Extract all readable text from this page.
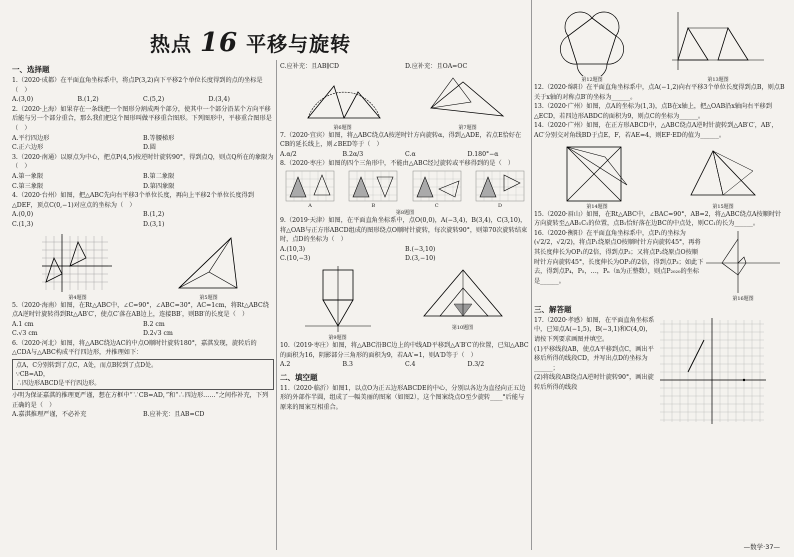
热点 16 平移与旋转
一、选择题
1.（2020·成都）在平面直角坐标系中，将点P(3,2)向下平移2个单位长度得到的点的坐标是（　）
A.(3,0)	B.(1,2)	C.(5,2)	D.(3,4)
2.（2020·上海）如果存在一条线把一个图形分割成两个部分，使其中一个部分沿某个方向平移后能与另一个部分重合，那么我们把这个图形叫做平移重合图形。下列图形中，平移重合图形是（　）
A.平行四边形	B.等腰梯形
C.正六边形	D.圆
3.（2020·南通）以原点为中心，把点P(4,5)按逆时针旋转90°，得到点Q，则点Q所在的象限为（　）
A.第一象限	B.第二象限
C.第三象限	D.第四象限
4.（2020·台州）如图，把△ABC先向右平移3个单位长度，再向上平移2个单位长度得到△DEF，顶点C(0,−1)对应点的坐标为（　）
A.(0,0)	B.(1,2)
C.(1,3)	D.(3,1)
第4题图	第5题图
5.（2020·海南）如图，在Rt△ABC中，∠C=90°，∠ABC=30°，AC=1cm，将Rt△ABC绕点A逆时针旋转得到Rt△AB′C′，使点C′落在AB边上，连接BB′，则BB′的长度是（　）
A.1 cm	B.2 cm
C.√3 cm	D.2√3 cm
6.（2020·河北）如图，将△ABC绕边AC的中点O顺时针旋转180°，嘉淇发现，旋转后的△CDA与△ABC构成平行四边形，并推理如下：
点A，C分别转到了点C，A处，而点B转到了点D处。
∵CB=AD，
∴四边形ABCD是平行四边形。
小明为保证嘉淇的推理更严谨，想在方框中“∵CB=AD，”和“∴四边形……”之间作补充，下列正确的是（　）
A.嘉淇推理严谨，不必补充	B.应补充：且AB=CD
C.应补充：且AB∥CD	D.应补充：且OA=OC
第6题图	第7题图
7.（2020·宜宾）如图，将△ABC绕点A按逆时针方向旋转α，得到△ADE，若点E恰好在CB的延长线上，则∠BED等于（　）
A.α/2	B.2α/3	C.α	D.180°−α
8.（2020·枣庄）如图的四个三角形中，不能由△ABC经过旋转或平移得到的是（　）
A	B	C	D
第8题图
9.（2019·天津）如图，在平面直角坐标系中，点O(0,0)，A(−3,4)，B(3,4)，C(3,10)，将△OAB与正方形ABCD组成的图形绕点O顺时针旋转，每次旋转90°，则第70次旋转结束时，点D的坐标为（　）
A.(10,3)	B.(−3,10)
C.(10,−3)	D.(3,−10)
第9题图
第10题图
10.（2019·枣庄）如图，将△ABC沿BC边上的中线AD平移到△A′B′C′的位置，已知△ABC的面积为16，阴影部分三角形的面积为9，若AA′=1，则A′D等于（　）
A.2	B.3	C.4	D.3/2
二、填空题
11.（2020·临沂）如图1，以点O为正五边形ABCDE的中心，分别以各边为直径向正五边形的外部作半圆，组成了一幅美丽的图案（如图2），这个图案绕点O至少旋转____°后能与原来的图案互相重合。
第12题图	第13题图
12.（2020·绵阳）在平面直角坐标系中，点A(−1,2)向右平移3个单位长度得到点B，则点B关于x轴的对称点B′的坐标为______。
13.（2020·广州）如图，点A的坐标为(1,3)，点B在x轴上，把△OAB沿x轴向右平移到△ECD，若四边形ABDC的面积为9，则点C的坐标为______。
14.（2020·广州）如图，在正方形ABCD中，△ABC绕点A逆时针旋转到△AB′C′，AB′，AC′分别交对角线BD于点E，F，若AE=4，则EF·ED的值为______。
第14题图	第15题图
15.（2020·眉山）如图，在Rt△ABC中，∠BAC=90°，AB=2，将△ABC绕点A按顺时针方向旋转至△AB₁C₁的位置，点B₁恰好落在边BC的中点处，则CC₁的长为______。
16.（2020·衡阳）在平面直角坐标系中，点P₁的坐标为(√2/2，√2/2)，将点P₁绕原点O按顺时针方向旋转45°，再将其长度伸长为OP₁的2倍，得到点P₂；又将点P₂绕原点O按顺时针方向旋转45°，长度伸长为OP₂的2倍，得到点P₃；如此下去，得到点P₄，P₅，…，Pₙ（n为正整数），则点P₂₀₂₀的坐标是______。
第16题图
三、解答题
17.（2020·孝感）如图，在平面直角坐标系中，已知点A(−1,5)，B(−3,1)和C(4,0)，请按下列要求画图并填空。
(1)平移线段AB，使点A平移到点C，画出平移后所得的线段CD，并写出点D的坐标为______；
(2)将线段AB绕点A逆时针旋转90°，画出旋转后所得的线段
—数学·37—
